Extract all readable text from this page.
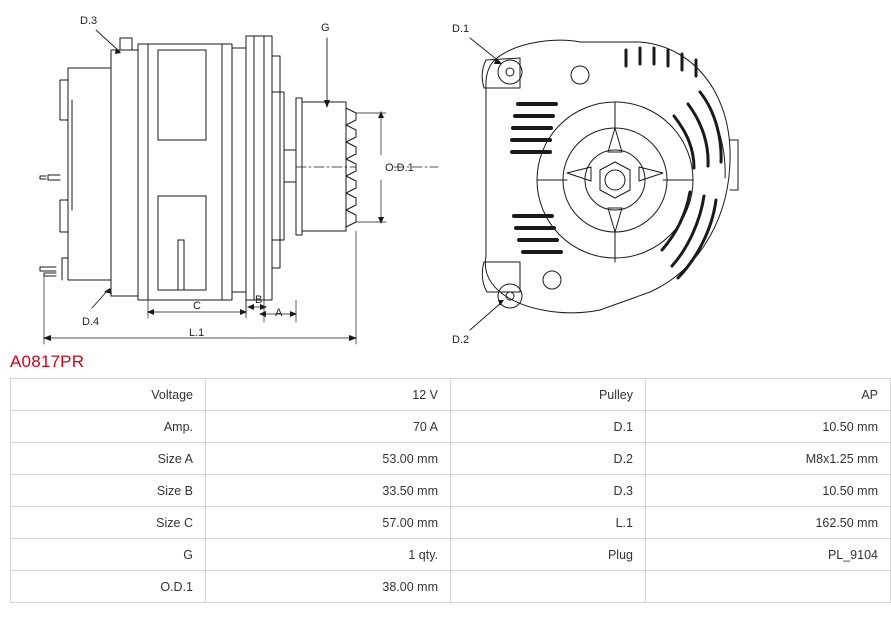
D.3
D.4
G
O.D.1
A
B
C
L.1
D.1
D.2
A0817PR
Voltage	12 V	Pulley	AP
Amp.	70 A	D.1	10.50 mm
Size A	53.00 mm	D.2	M8x1.25 mm
Size B	33.50 mm	D.3	10.50 mm
Size C	57.00 mm	L.1	162.50 mm
G	1 qty.	Plug	PL_9104
O.D.1	38.00 mm		
